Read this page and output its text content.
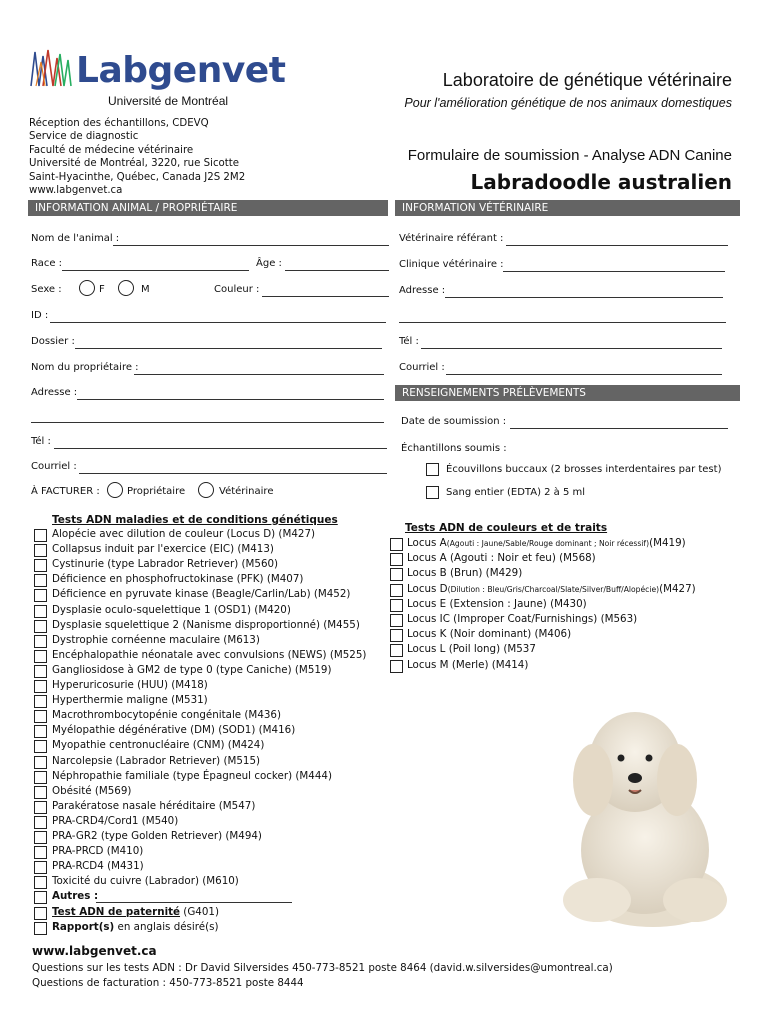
Labgenvet
Université de Montréal
Laboratoire de génétique vétérinaire
Pour l'amélioration génétique de nos animaux domestiques
Réception des échantillons, CDEVQ
Service de diagnostic
Faculté de médecine vétérinaire
Université de Montréal, 3220, rue Sicotte
Saint-Hyacinthe, Québec, Canada J2S 2M2
www.labgenvet.ca
Formulaire de soumission - Analyse ADN Canine
Labradoodle australien
INFORMATION ANIMAL / PROPRIÉTAIRE	INFORMATION VÉTÉRINAIRE
Nom de l'animal :
Race :	Âge :
Sexe :	F	M	Couleur :
ID :
Dossier :
Nom du propriétaire :
Adresse :
Tél :
Courriel :
À FACTURER :	Propriétaire	Vétérinaire
Vétérinaire référant :
Clinique vétérinaire :
Adresse :
Tél :
Courriel :
RENSEIGNEMENTS PRÉLÈVEMENTS
Date de soumission :
Échantillons soumis :
Écouvillons buccaux (2 brosses interdentaires par test)
Sang entier (EDTA) 2 à 5 ml
Tests ADN maladies et de conditions génétiques
Alopécie avec dilution de couleur (Locus D) (M427)
Collapsus induit par l'exercice (EIC) (M413)
Cystinurie (type Labrador Retriever) (M560)
Déficience en phosphofructokinase (PFK) (M407)
Déficience en pyruvate kinase (Beagle/Carlin/Lab) (M452)
Dysplasie oculo-squelettique 1 (OSD1) (M420)
Dysplasie squelettique 2 (Nanisme disproportionné) (M455)
Dystrophie cornéenne maculaire (M613)
Encéphalopathie néonatale avec convulsions (NEWS) (M525)
Gangliosidose à GM2 de type 0 (type Caniche) (M519)
Hyperuricosurie (HUU) (M418)
Hyperthermie maligne (M531)
Macrothrombocytopénie congénitale (M436)
Myélopathie dégénérative (DM) (SOD1) (M416)
Myopathie centronucléaire (CNM) (M424)
Narcolepsie (Labrador Retriever) (M515)
Néphropathie familiale (type Épagneul cocker) (M444)
Obésité (M569)
Parakératose nasale héréditaire (M547)
PRA-CRD4/Cord1 (M540)
PRA-GR2 (type Golden Retriever) (M494)
PRA-PRCD (M410)
PRA-RCD4 (M431)
Toxicité du cuivre (Labrador) (M610)
Autres :
Test ADN de paternité (G401)
Rapport(s) en anglais désiré(s)
Tests ADN de couleurs et de traits
Locus A(Agouti : Jaune/Sable/Rouge dominant ; Noir récessif)(M419)
Locus A (Agouti : Noir et feu) (M568)
Locus B (Brun) (M429)
Locus D(Dilution : Bleu/Gris/Charcoal/Slate/Silver/Buff/Alopécie)(M427)
Locus E (Extension : Jaune) (M430)
Locus IC (Improper Coat/Furnishings) (M563)
Locus K (Noir dominant) (M406)
Locus L (Poil long) (M537
Locus M (Merle) (M414)
www.labgenvet.ca
Questions sur les tests ADN : Dr David Silversides 450-773-8521 poste 8464 (david.w.silversides@umontreal.ca)
Questions de facturation : 450-773-8521 poste 8444
